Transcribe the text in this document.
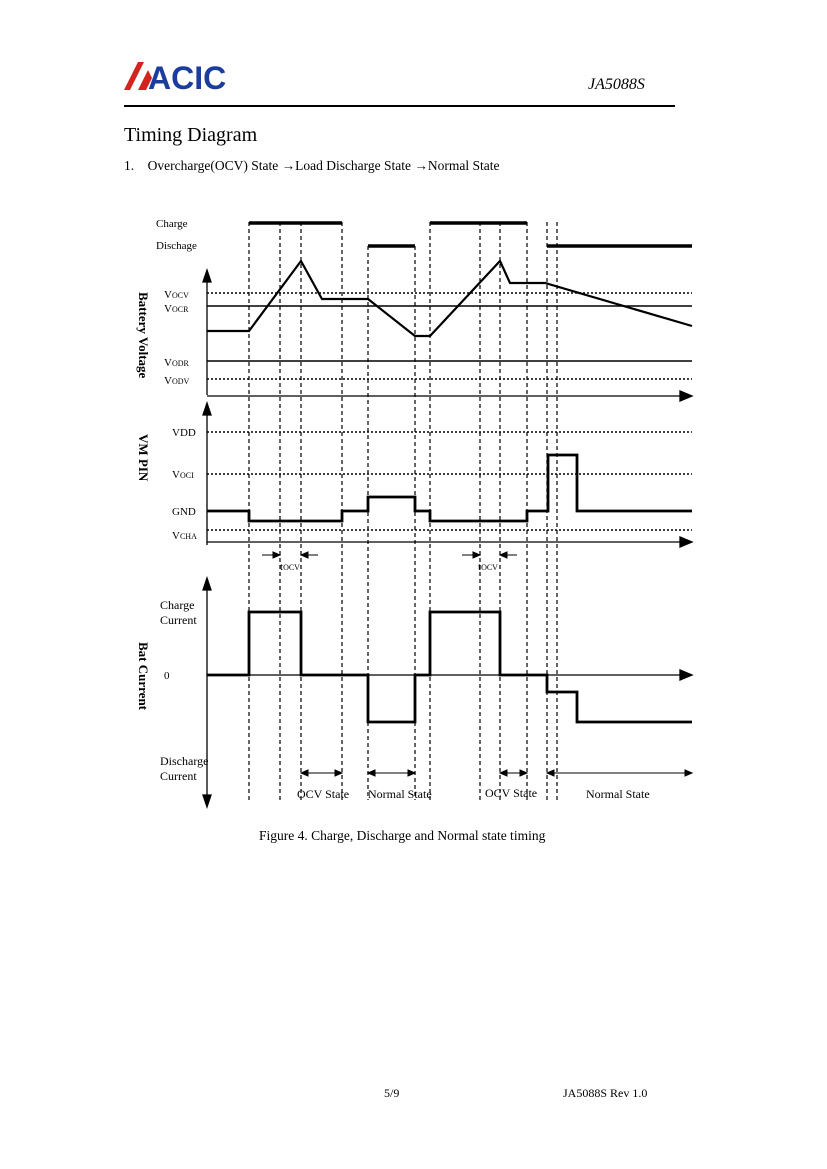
ACIC	JA5088S
Timing Diagram
1. Overcharge(OCV) State →Load Discharge State →Normal State
Charge
Dischage
Battery Voltage VOCV
VOCR
VODR
VODV
VM PIN
VDD
VOCI
GND
VCHA
tOCV	tOCV
Bat Current
Charge
Current
0
Discharge
Current
OCV State Normal State	OCV State	Normal State
Figure 4. Charge, Discharge and Normal state timing
5/9	JA5088S Rev 1.0
